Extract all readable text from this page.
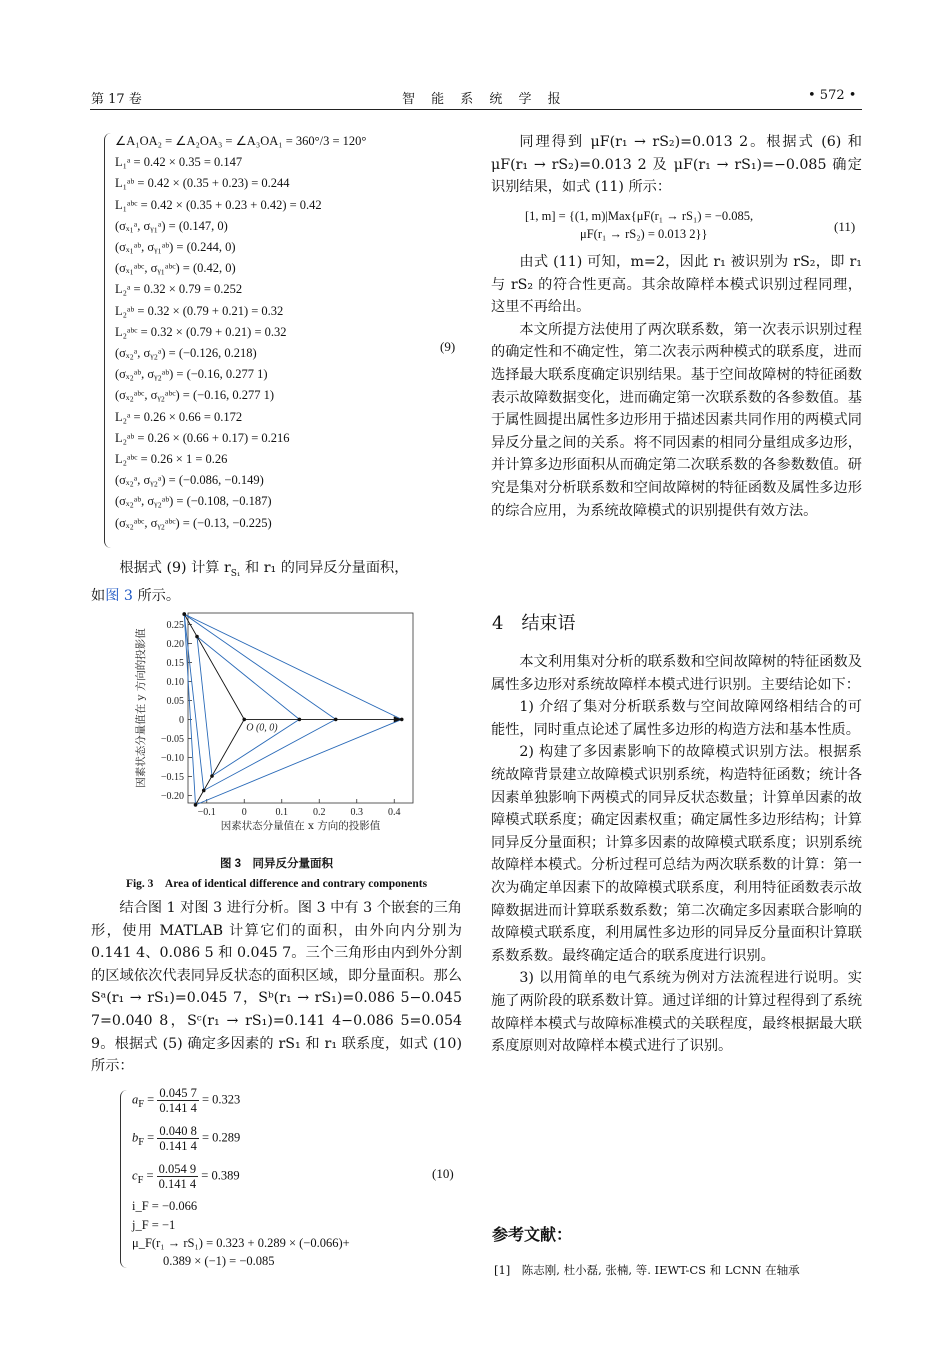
第 17 卷	智 能 系 统 学 报	• 572 •
∠A₁OA₂ = ∠A₂OA₃ = ∠A₃OA₁ = 360°/3 = 120°
L₁ᵃ = 0.42 × 0.35 = 0.147
L₁ᵃᵇ = 0.42 × (0.35 + 0.23) = 0.244
L₁ᵃᵇᶜ = 0.42 × (0.35 + 0.23 + 0.42) = 0.42
(σₓ₁ᵃ, σᵧ₁ᵃ) = (0.147, 0)
(σₓ₁ᵃᵇ, σᵧ₁ᵃᵇ) = (0.244, 0)
(σₓ₁ᵃᵇᶜ, σᵧ₁ᵃᵇᶜ) = (0.42, 0)
L₂ᵃ = 0.32 × 0.79 = 0.252
L₂ᵃᵇ = 0.32 × (0.79 + 0.21) = 0.32
L₂ᵃᵇᶜ = 0.32 × (0.79 + 0.21) = 0.32
(σₓ₂ᵃ, σᵧ₂ᵃ) = (−0.126, 0.218)
(σₓ₂ᵃᵇ, σᵧ₂ᵃᵇ) = (−0.16, 0.277 1)
(σₓ₂ᵃᵇᶜ, σᵧ₂ᵃᵇᶜ) = (−0.16, 0.277 1)
L₂ᵃ = 0.26 × 0.66 = 0.172
L₂ᵃᵇ = 0.26 × (0.66 + 0.17) = 0.216
L₂ᵃᵇᶜ = 0.26 × 1 = 0.26
(σₓ₂ᵃ, σᵧ₂ᵃ) = (−0.086, −0.149)
(σₓ₂ᵃᵇ, σᵧ₂ᵃᵇ) = (−0.108, −0.187)
(σₓ₂ᵃᵇᶜ, σᵧ₂ᵃᵇᶜ) = (−0.13, −0.225)
(9)

根据式 (9) 计算 $r_{S_1}$ 和 r₁ 的同异反分量面积，

如图 3 所示。

−0.1	0	0.1	0.2	0.3	0.4
0.25
0.20
0.15
0.10
0.05
0
−0.05
−0.10
−0.15
−0.20
因素状态分量值在 x 方向的投影值
因素状态分量值在 y 方向的投影值	O (0, 0)
图 3　同异反分量面积
Fig. 3　Area of identical difference and contrary components

结合图 1 对图 3 进行分析。图 3 中有 3 个嵌套的三角形，使用 MATLAB 计算它们的面积，由外向内分别为 0.141 4、0.086 5 和 0.045 7。三个三角形由内到外分割的区域依次代表同异反状态的面积区域，即分量面积。那么 Sᵃ(r₁ → rS₁)=0.045 7，Sᵇ(r₁ → rS₁)=0.086 5−0.045 7=0.040 8，Sᶜ(r₁ → rS₁)=0.141 4−0.086 5=0.054 9。根据式 (5) 确定多因素的 rS₁ 和 r₁ 联系度，如式 (10) 所示：

$a_F = \frac{0.045 7}{0.141 4} = 0.323$
$b_F = \frac{0.040 8}{0.141 4} = 0.289$
$c_F = \frac{0.054 9}{0.141 4} = 0.389$
i_F = −0.066
j_F = −1
μ_F(r₁ → rS₁) = 0.323 + 0.289 × (−0.066)+
0.389 × (−1) = −0.085
(10)

同理得到 μF(r₁ → rS₂)=0.013 2。根据式 (6) 和 μF(r₁ → rS₂)=0.013 2 及 μF(r₁ → rS₁)=−0.085 确定识别结果，如式 (11) 所示：

[1, m] = {(1, m)|Max{μF(r₁ → rS₁) = −0.085,
μF(r₁ → rS₂) = 0.013 2}}	(11)

由式 (11) 可知，m=2，因此 r₁ 被识别为 rS₂，即 r₁ 与 rS₂ 的符合性更高。其余故障样本模式识别过程同理，这里不再给出。

本文所提方法使用了两次联系数，第一次表示识别过程的确定性和不确定性，第二次表示两种模式的联系度，进而选择最大联系度确定识别结果。基于空间故障树的特征函数表示故障数据变化，进而确定第一次联系数的各参数值。基于属性圆提出属性多边形用于描述因素共同作用的两模式同异反分量之间的关系。将不同因素的相同分量组成多边形，并计算多边形面积从而确定第二次联系数的各参数数值。研究是集对分析联系数和空间故障树的特征函数及属性多边形的综合应用，为系统故障模式的识别提供有效方法。

4　结束语

本文利用集对分析的联系数和空间故障树的特征函数及属性多边形对系统故障样本模式进行识别。主要结论如下：

1) 介绍了集对分析联系数与空间故障网络相结合的可能性，同时重点论述了属性多边形的构造方法和基本性质。

2) 构建了多因素影响下的故障模式识别方法。根据系统故障背景建立故障模式识别系统，构造特征函数；统计各因素单独影响下两模式的同异反状态数量；计算单因素的故障模式联系度；确定因素权重；确定属性多边形结构；计算同异反分量面积；计算多因素的故障模式联系度；识别系统故障样本模式。分析过程可总结为两次联系数的计算：第一次为确定单因素下的故障模式联系度，利用特征函数表示故障数据进而计算联系数系数；第二次确定多因素联合影响的故障模式联系度，利用属性多边形的同异反分量面积计算联系数系数。最终确定适合的联系度进行识别。

3) 以用简单的电气系统为例对方法流程进行说明。实施了两阶段的联系数计算。通过详细的计算过程得到了系统故障样本模式与故障标准模式的关联程度，最终根据最大联系度原则对故障样本模式进行了识别。

参考文献：
[1]　陈志刚, 杜小磊, 张楠, 等. IEWT-CS 和 LCNN 在轴承
